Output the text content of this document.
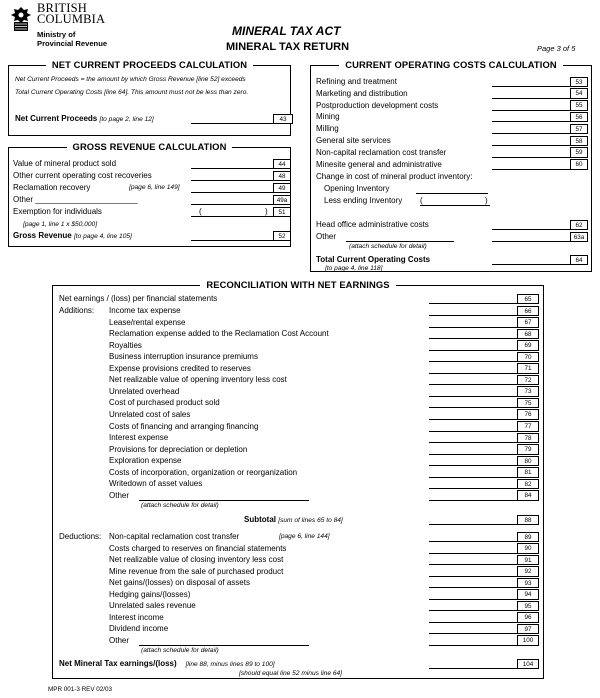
BRITISH
COLUMBIA
Ministry of
Provincial Revenue
MINERAL TAX ACT
MINERAL TAX RETURN	Page 3 of 5
NET CURRENT PROCEEDS CALCULATION
Net Current Proceeds = the amount by which Gross Revenue [line 52] exceeds
Total Current Operating Costs [line 64]. This amount must not be less than zero.
Net Current Proceeds [to page 2, line 12]	43
GROSS REVENUE CALCULATION
Value of mineral product sold	44
Other current operating cost recoveries	48
Reclamation recovery	[page 6, line 149]	49
Other _______________________	49a
Exemption for individuals	51
(	)
[page 1, line 1 x $50,000]
Gross Revenue [to page 4, line 105]	52
CURRENT OPERATING COSTS CALCULATION
Refining and treatment	53
Marketing and distribution	54
Postproduction development costs	55
Mining	56
Milling	57
General site services	58
Non-capital reclamation cost transfer	59
Minesite general and administrative	60
Change in cost of mineral product inventory:
Opening Inventory
Less ending Inventory (	)
Head office administrative costs	62
Other	63a
(attach schedule for detail)
Total Current Operating Costs	64
[to page 4, line 118]
RECONCILIATION WITH NET EARNINGS
Net earnings / (loss) per financial statements	65
Additions:	Income tax expense	66
Lease/rental expense	67
Reclamation expense added to the Reclamation Cost Account	68
Royalties	69
Business interruption insurance premiums	70
Expense provisions credited to reserves	71
Net realizable value of opening inventory less cost	72
Unrelated overhead	73
Cost of purchased product sold	75
Unrelated cost of sales	76
Costs of financing and arranging financing	77
Interest expense	78
Provisions for depreciation or depletion	79
Exploration expense	80
Costs of incorporation, organization or reorganization	81
Writedown of asset values	82
Other	84
(attach schedule for detail)
Subtotal [sum of lines 65 to 84]	88
Deductions: Non-capital reclamation cost transfer	[page 6, line 144]	89
Costs charged to reserves on financial statements	90
Net realizable value of closing inventory less cost	91
Mine revenue from the sale of purchased product	92
Net gains/(losses) on disposal of assets	93
Hedging gains/(losses)	94
Unrelated sales revenue	95
Interest income	96
Dividend income	97
Other	100
(attach schedule for detail)
Net Mineral Tax earnings/(loss) [line 88, minus lines 89 to 100]	104
[should equal line 52 minus line 64]
MPR 001-3 REV 02/03
